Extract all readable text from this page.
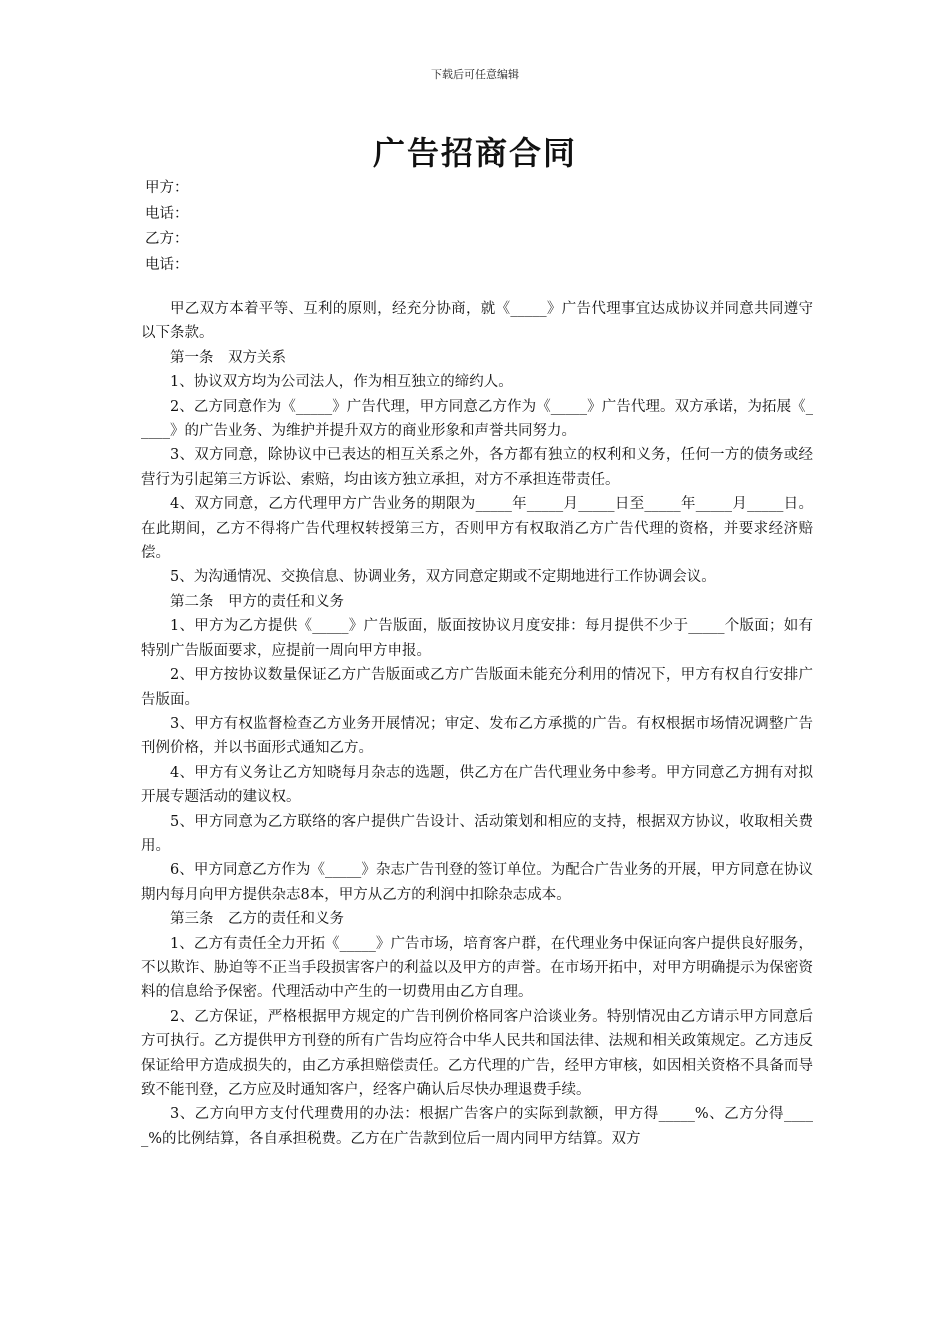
下载后可任意编辑
广告招商合同
甲方：
电话：
乙方：
电话：

甲乙双方本着平等、互利的原则，经充分协商，就《_____》广告代理事宜达成协议并同意共同遵守以下条款。

第一条　双方关系

1、协议双方均为公司法人，作为相互独立的缔约人。

2、乙方同意作为《_____》广告代理，甲方同意乙方作为《_____》广告代理。双方承诺，为拓展《_____》的广告业务、为维护并提升双方的商业形象和声誉共同努力。

3、双方同意，除协议中已表达的相互关系之外，各方都有独立的权利和义务，任何一方的债务或经营行为引起第三方诉讼、索赔，均由该方独立承担，对方不承担连带责任。

4、双方同意，乙方代理甲方广告业务的期限为_____年_____月_____日至_____年_____月_____日。在此期间，乙方不得将广告代理权转授第三方，否则甲方有权取消乙方广告代理的资格，并要求经济赔偿。

5、为沟通情况、交换信息、协调业务，双方同意定期或不定期地进行工作协调会议。

第二条　甲方的责任和义务

1、甲方为乙方提供《_____》广告版面，版面按协议月度安排：每月提供不少于_____个版面；如有特别广告版面要求，应提前一周向甲方申报。

2、甲方按协议数量保证乙方广告版面或乙方广告版面未能充分利用的情况下，甲方有权自行安排广告版面。

3、甲方有权监督检查乙方业务开展情况；审定、发布乙方承揽的广告。有权根据市场情况调整广告刊例价格，并以书面形式通知乙方。

4、甲方有义务让乙方知晓每月杂志的选题，供乙方在广告代理业务中参考。甲方同意乙方拥有对拟开展专题活动的建议权。

5、甲方同意为乙方联络的客户提供广告设计、活动策划和相应的支持，根据双方协议，收取相关费用。

6、甲方同意乙方作为《_____》杂志广告刊登的签订单位。为配合广告业务的开展，甲方同意在协议期内每月向甲方提供杂志8本，甲方从乙方的利润中扣除杂志成本。

第三条　乙方的责任和义务

1、乙方有责任全力开拓《_____》广告市场，培育客户群，在代理业务中保证向客户提供良好服务，不以欺诈、胁迫等不正当手段损害客户的利益以及甲方的声誉。在市场开拓中，对甲方明确提示为保密资料的信息给予保密。代理活动中产生的一切费用由乙方自理。

2、乙方保证，严格根据甲方规定的广告刊例价格同客户洽谈业务。特别情况由乙方请示甲方同意后方可执行。乙方提供甲方刊登的所有广告均应符合中华人民共和国法律、法规和相关政策规定。乙方违反保证给甲方造成损失的，由乙方承担赔偿责任。乙方代理的广告，经甲方审核，如因相关资格不具备而导致不能刊登，乙方应及时通知客户，经客户确认后尽快办理退费手续。

3、乙方向甲方支付代理费用的办法：根据广告客户的实际到款额，甲方得_____%、乙方分得_____%的比例结算，各自承担税费。乙方在广告款到位后一周内同甲方结算。双方
